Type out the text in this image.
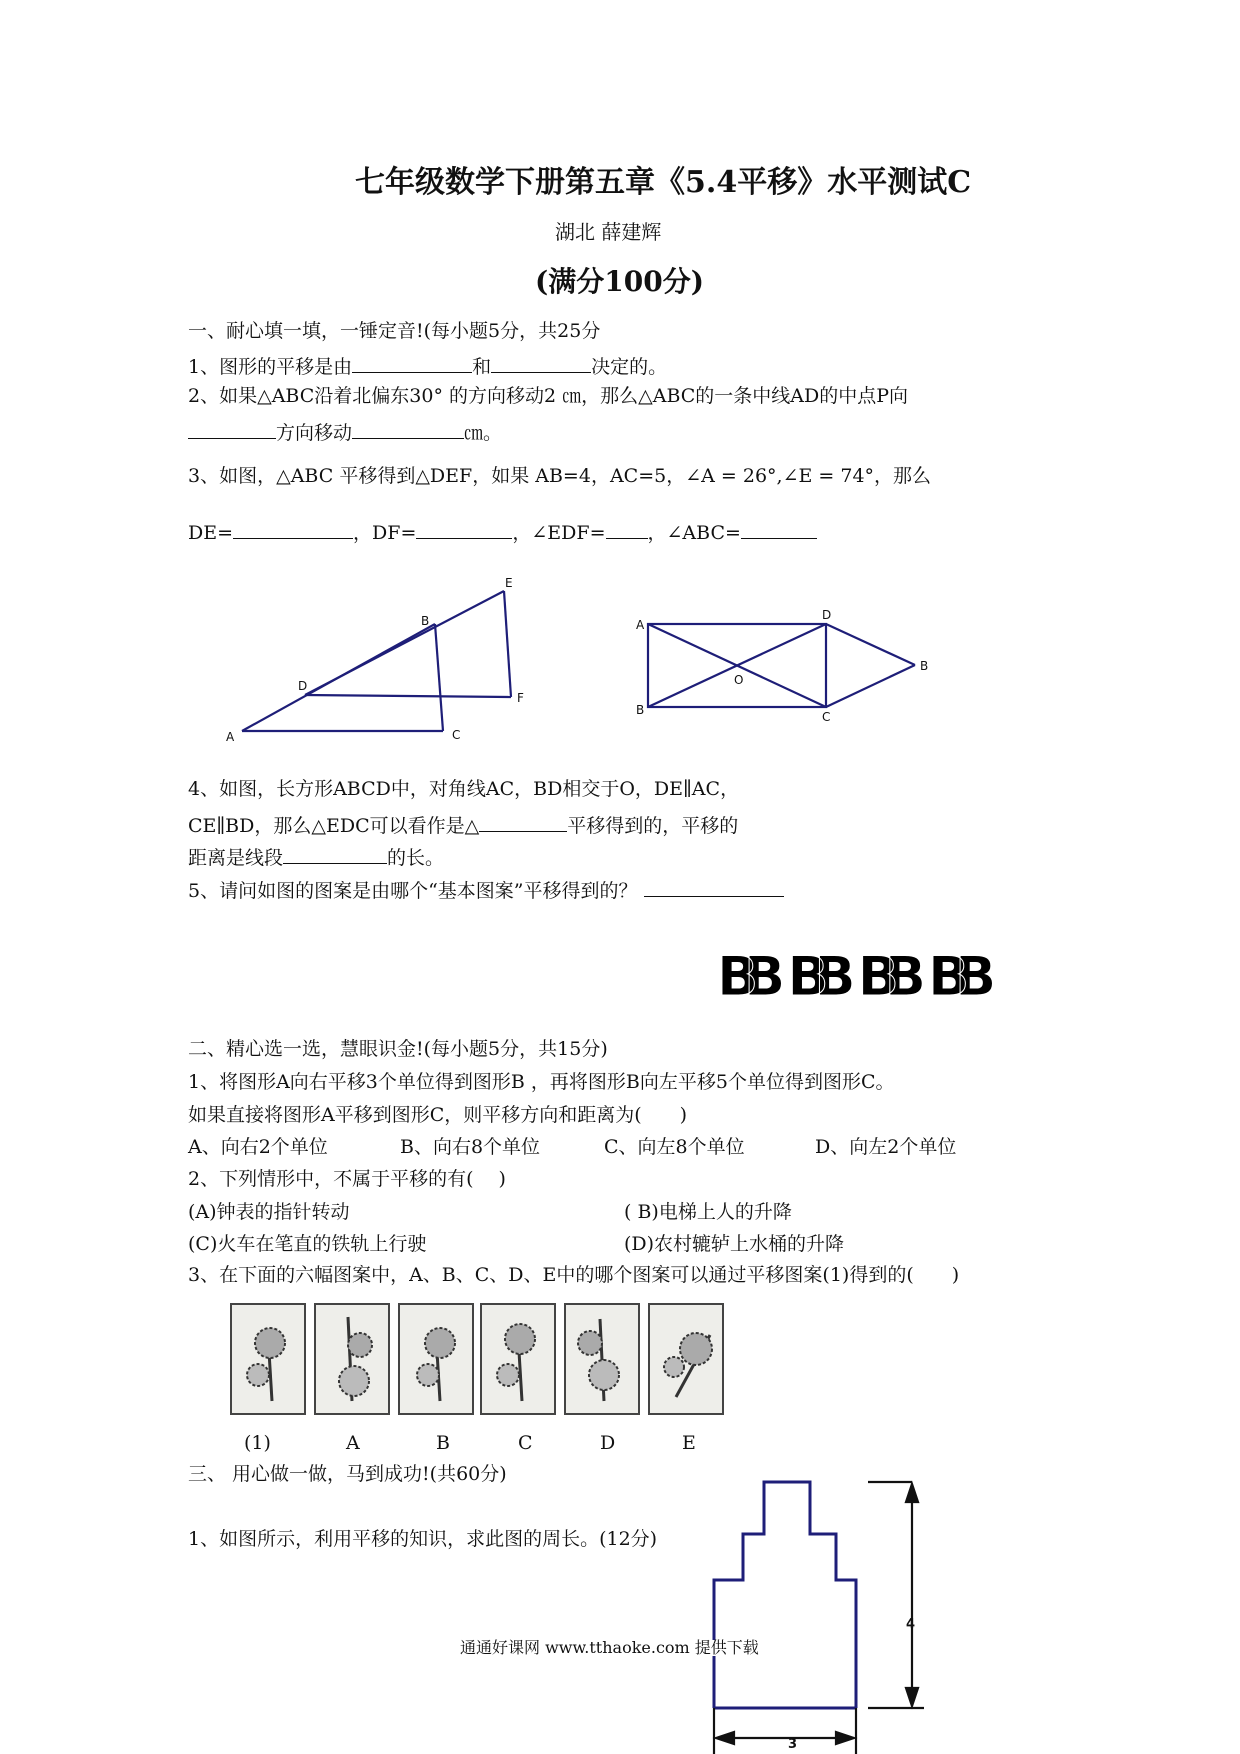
七年级数学下册第五章《5.4平移》水平测试C
湖北 薛建辉
(满分100分)
一、耐心填一填，一锤定音!(每小题5分，共25分
1、图形的平移是由	和	决定的。
2、如果△ABC沿着北偏东30° 的方向移动2 ㎝，那么△ABC的一条中线AD的中点P向
方向移动	㎝。
3、如图，△ABC 平移得到△DEF，如果 AB=4，AC=5，∠A = 26°,∠E = 74°，那么
DE=	，DF=	，∠EDF= ，∠ABC=
A
B
C
D
E
F
A
B	C
D
B
O
4
3
4、如图，长方形ABCD中，对角线AC，BD相交于O，DE∥AC，
CE∥BD，那么△EDC可以看作是△	平移得到的，平移的
距离是线段	的长。
5、请问如图的图案是由哪个“基本图案”平移得到的？
BB BB BB BB
二、精心选一选，慧眼识金!(每小题5分，共15分)
1、将图形A向右平移3个单位得到图形B ，再将图形B向左平移5个单位得到图形C。
如果直接将图形A平移到图形C，则平移方向和距离为(　　)
A、向右2个单位	B、向右8个单位	C、向左8个单位	D、向左2个单位
2、下列情形中，不属于平移的有(　 )
(A)钟表的指针转动	( B)电梯上人的升降
(C)火车在笔直的铁轨上行驶	(D)农村辘轳上水桶的升降
3、在下面的六幅图案中，A、B、C、D、E中的哪个图案可以通过平移图案(1)得到的(　　)
(1)	A	B	C	D	E
三、 用心做一做，马到成功!(共60分)
1、如图所示，利用平移的知识，求此图的周长。(12分)
通通好课网 www.tthaoke.com 提供下载
